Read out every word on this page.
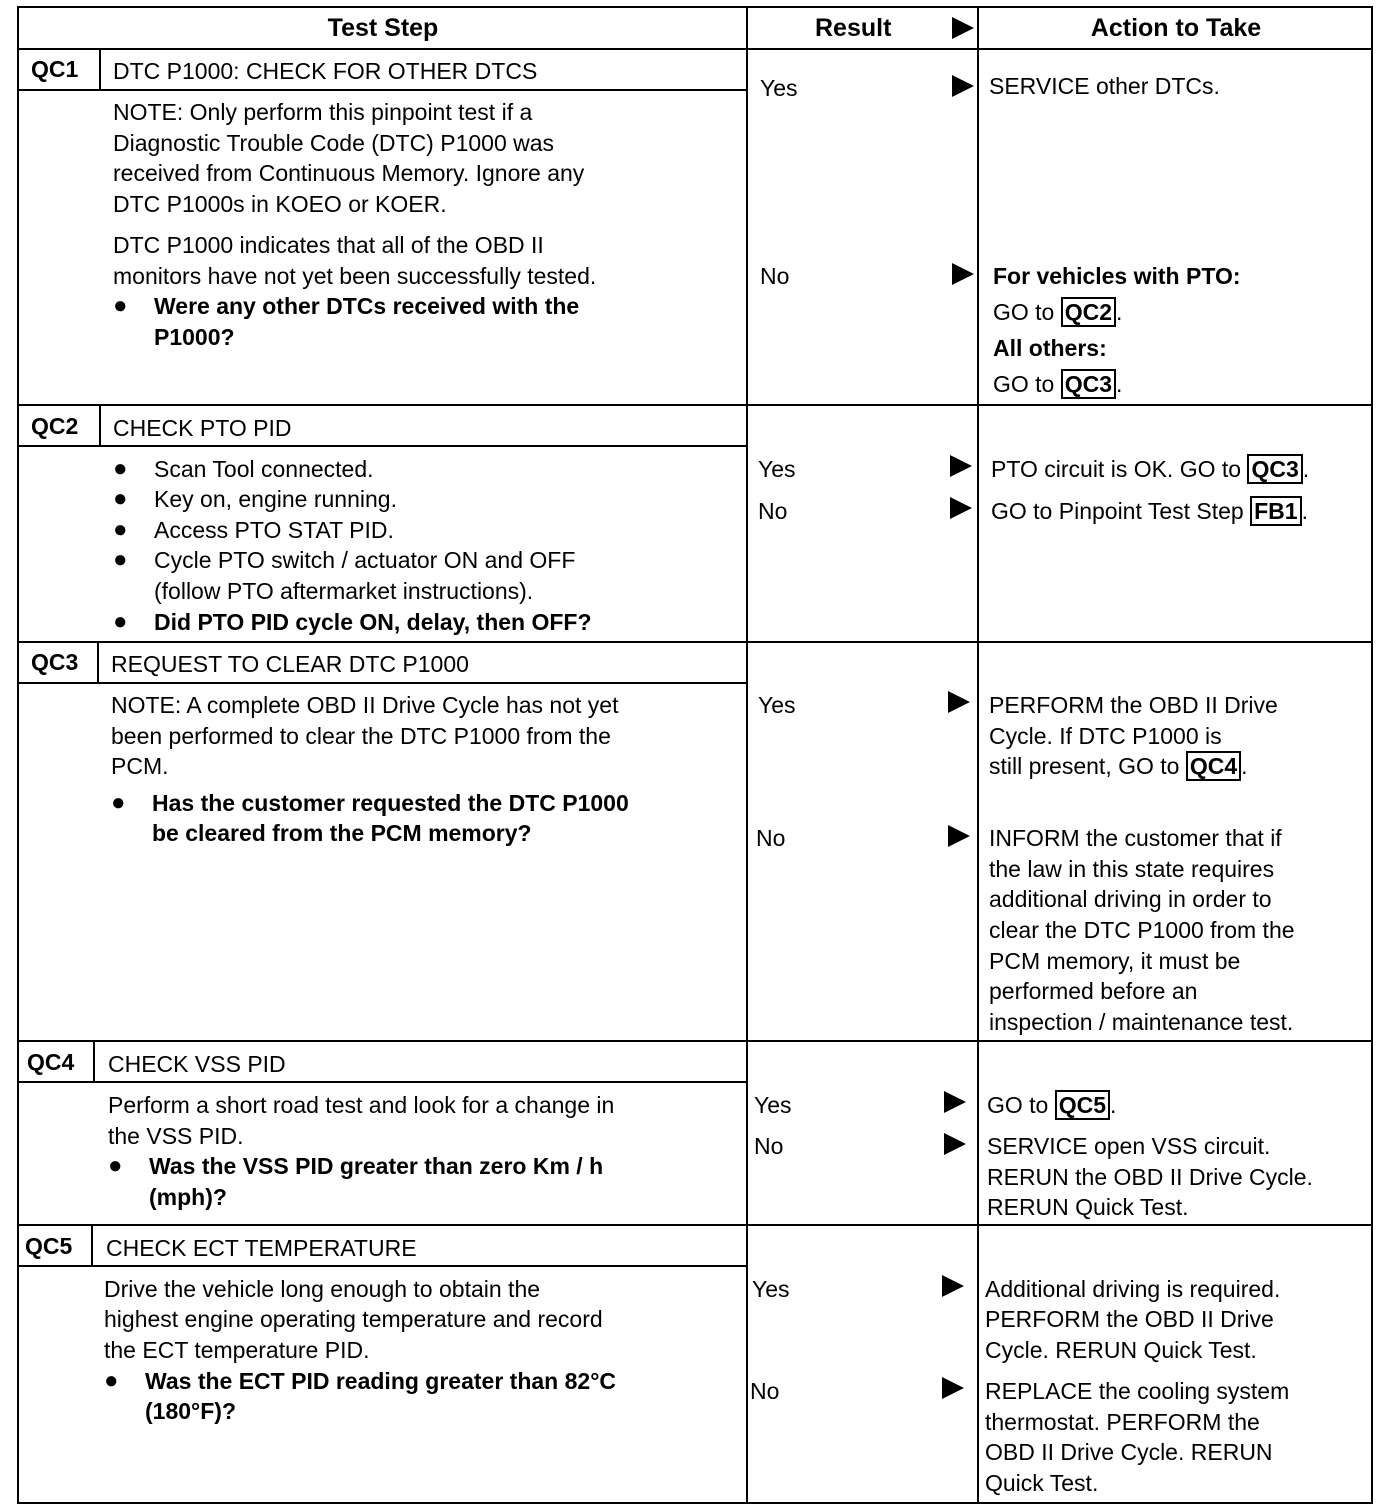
Test Step	Result	Action to Take
QC1 DTC P1000: CHECK FOR OTHER DTCS
NOTE: Only perform this pinpoint test if a
Diagnostic Trouble Code (DTC) P1000 was
received from Continuous Memory. Ignore any
DTC P1000s in KOEO or KOER.
DTC P1000 indicates that all of the OBD II
monitors have not yet been successfully tested.
● Were any other DTCs received with the
P1000?
Yes	SERVICE other DTCs.
No	For vehicles with PTO:
GO to QC2 .
All others:
GO to QC3 .
QC2 CHECK PTO PID
● Scan Tool connected.
● Key on, engine running.
● Access PTO STAT PID.
● Cycle PTO switch / actuator ON and OFF
(follow PTO aftermarket instructions).
● Did PTO PID cycle ON, delay, then OFF?
Yes	PTO circuit is OK. GO to QC3 .
No	GO to Pinpoint Test Step FB1 .
QC3 REQUEST TO CLEAR DTC P1000
NOTE: A complete OBD II Drive Cycle has not yet
been performed to clear the DTC P1000 from the
PCM.
● Has the customer requested the DTC P1000
be cleared from the PCM memory?
Yes	PERFORM the OBD II Drive
Cycle. If DTC P1000 is
still present, GO to QC4 .
No	INFORM the customer that if
the law in this state requires
additional driving in order to
clear the DTC P1000 from the
PCM memory, it must be
performed before an
inspection / maintenance test.
QC4 CHECK VSS PID
Perform a short road test and look for a change in
the VSS PID.
● Was the VSS PID greater than zero Km / h
(mph)?
Yes	GO to QC5 .
No	SERVICE open VSS circuit.
RERUN the OBD II Drive Cycle.
RERUN Quick Test.
QC5 CHECK ECT TEMPERATURE
Drive the vehicle long enough to obtain the
highest engine operating temperature and record
the ECT temperature PID.
● Was the ECT PID reading greater than 82°C
(180°F)?
Yes	Additional driving is required.
PERFORM the OBD II Drive
Cycle. RERUN Quick Test.
No	REPLACE the cooling system
thermostat. PERFORM the
OBD II Drive Cycle. RERUN
Quick Test.
